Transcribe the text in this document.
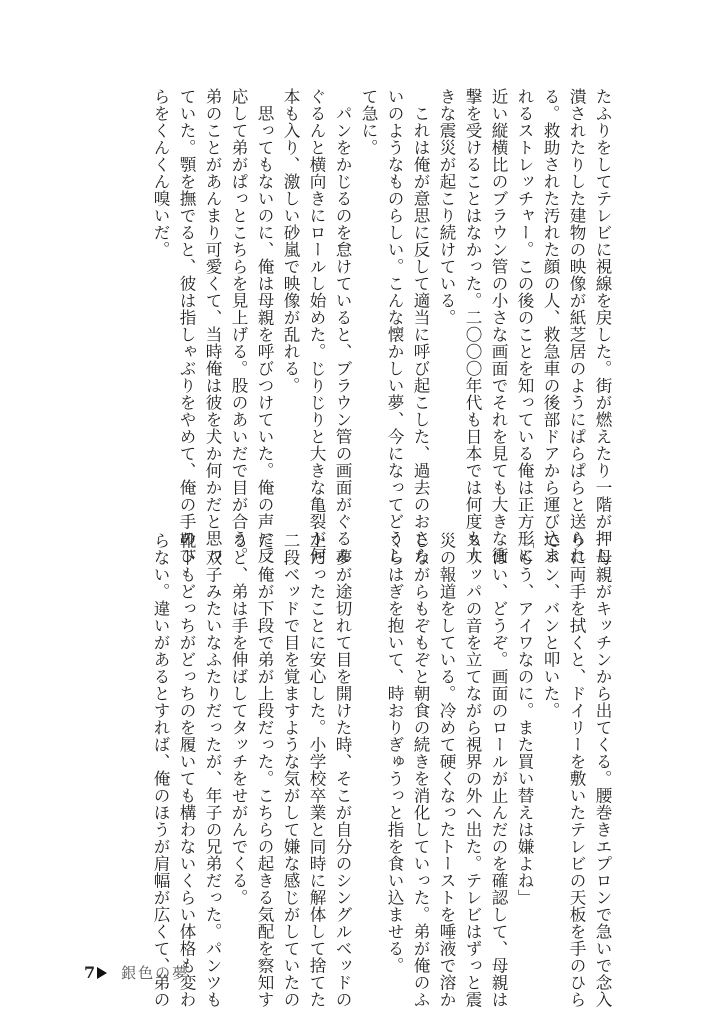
たふりをしてテレビに視線を戻した。街が燃えたり一階が押し
潰されたりした建物の映像が紙芝居のようにぱらぱらと送られ
る。救助された汚れた顔の人、救急車の後部ドアから運び込ま
れるストレッチャー。この後のことを知っている俺は正方形に
近い縦横比のブラウン管の小さな画面でそれを見ても大きな衝
撃を受けることはなかった。二〇〇〇年代も日本では何度も大
きな震災が起こり続けている。
　これは俺が意思に反して適当に呼び起こした、過去のおさら
いのようなものらしい。こんな懐かしい夢、今になってどうし
て急に。
　パンをかじるのを怠けていると、ブラウン管の画面がぐるん
ぐるんと横向きにロールし始めた。じりじりと大きな亀裂が何
本も入り、激しい砂嵐で映像が乱れる。
　思ってもないのに、俺は母親を呼びつけていた。俺の声に反
応して弟がぱっとこちらを見上げる。股のあいだで目が合う。
弟のことがあんまり可愛くて、当時俺は彼を犬か何かだと思っ
ていた。顎を撫でると、彼は指しゃぶりをやめて、俺の手のひ
らをくんくん嗅いだ。
　母親がキッチンから出てくる。腰巻きエプロンで急いで念入
りに両手を拭くと、ドイリーを敷いたテレビの天板を手のひら
でバン、バンと叩いた。
「もう、アイワなのに。また買い替えは嫌よね」
　はい、どうぞ。画面のロールが止んだのを確認して、母親は
スリッパの音を立てながら視界の外へ出た。テレビはずっと震
災の報道をしている。冷めて硬くなったトーストを唾液で溶か
しながらもぞもぞと朝食の続きを消化していった。弟が俺のふ
くらはぎを抱いて、時おりぎゅうっと指を食い込ませる。
　夢が途切れて目を開けた時、そこが自分のシングルベッドの
上だったことに安心した。小学校卒業と同時に解体して捨てた
二段ベッドで目を覚ますような気がして嫌な感じがしていたの
だ。俺が下段で弟が上段だった。こちらの起きる気配を察知す
ると、弟は手を伸ばしてタッチをせがんでくる。
　双子みたいなふたりだったが、年子の兄弟だった。パンツも
靴下もどっちがどっちのを履いても構わないくらい体格も変わ
らない。違いがあるとすれば、俺のほうが肩幅が広くて、弟の
7 銀色の夢
